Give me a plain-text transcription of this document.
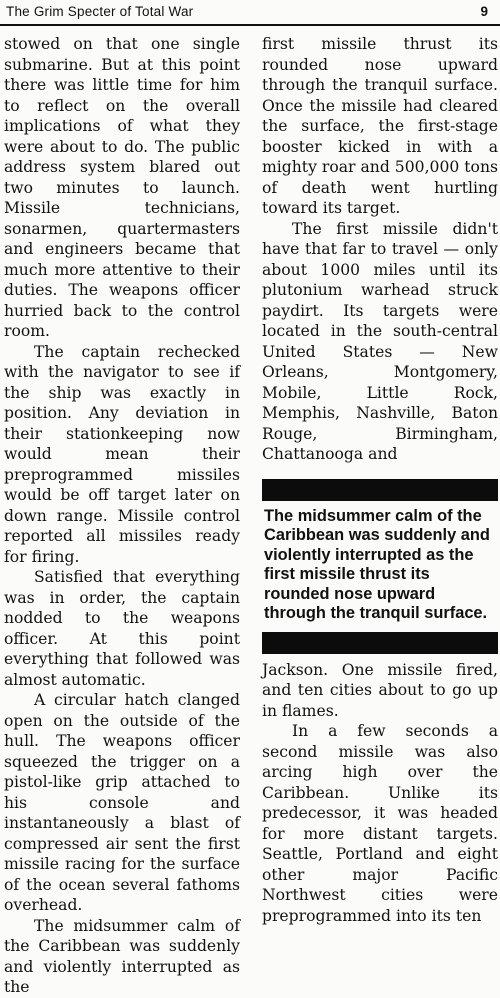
The Grim Specter of Total War	9

stowed on that one single submarine. But at this point there was little time for him to reflect on the overall implications of what they were about to do. The public address system blared out two minutes to launch. Missile technicians, sonarmen, quartermasters and engineers became that much more attentive to their duties. The weapons officer hurried back to the control room.

The captain rechecked with the navigator to see if the ship was exactly in position. Any deviation in their stationkeeping now would mean their preprogrammed missiles would be off target later on down range. Missile control reported all missiles ready for firing.

Satisfied that everything was in order, the captain nodded to the weapons officer. At this point everything that followed was almost automatic.

A circular hatch clanged open on the outside of the hull. The weapons officer squeezed the trigger on a pistol-like grip attached to his console and instantaneously a blast of compressed air sent the first missile racing for the surface of the ocean several fathoms overhead.

The midsummer calm of the Caribbean was suddenly and violently interrupted as the

first missile thrust its rounded nose upward through the tranquil surface. Once the missile had cleared the surface, the first-stage booster kicked in with a mighty roar and 500,000 tons of death went hurtling toward its target.

The first missile didn't have that far to travel — only about 1000 miles until its plutonium warhead struck paydirt. Its targets were located in the south-central United States — New Orleans, Montgomery, Mobile, Little Rock, Memphis, Nashville, Baton Rouge, Birmingham, Chattanooga and

The midsummer calm of the Caribbean was suddenly and violently interrupted as the first missile thrust its rounded nose upward through the tranquil surface.

Jackson. One missile fired, and ten cities about to go up in flames.

In a few seconds a second missile was also arcing high over the Caribbean. Unlike its predecessor, it was headed for more distant targets. Seattle, Portland and eight other major Pacific Northwest cities were preprogrammed into its ten
